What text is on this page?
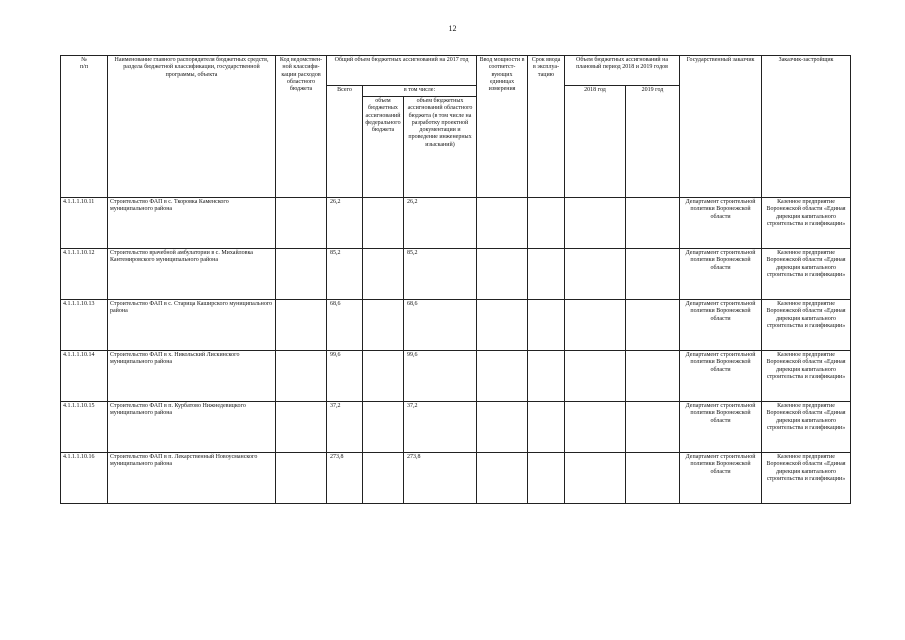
12
№
п/п	Наименование главного распорядителя бюджетных средств, раздела бюджетной классификации, государственной программы, объекта	Код ведомствен-ной классифи-кации расходов областного бюджета	Общий объем бюджетных ассигнований на 2017 год			Ввод мощности в соответст-вующих единицах измерения	Срок ввода в эксплуа-тацию	Объем бюджетных ассигнований на плановый период 2018 и 2019 годов		Государственный заказчик	Заказчик-застройщик
			Всего	в том числе:				2018 год	2019 год		
				объем бюджетных ассигнований федерального бюджета	объем бюджетных ассигнований областного бюджета (в том числе на разработку проектной документации и проведение инженерных изысканий)						
4.1.1.1.10.11	Строительство ФАП в с. Ткоровка Каменского муниципального района		26,2		26,2					Департамент строительной политики Воронежской области	Казенное предприятие Воронежской области «Единая дирекция капитального строительства и газификации»
4.1.1.1.10.12	Строительство врачебной амбулатории в с. Михайловка Кантемировского муниципального района		85,2		85,2					Департамент строительной политики Воронежской области	Казенное предприятие Воронежской области «Единая дирекция капитального строительства и газификации»
4.1.1.1.10.13	Строительство ФАП в с. Старица Каширского муниципального района		68,6		68,6					Департамент строительной политики Воронежской области	Казенное предприятие Воронежской области «Единая дирекция капитального строительства и газификации»
4.1.1.1.10.14	Строительство ФАП в х. Никольский Лискинского муниципального района		99,6		99,6					Департамент строительной политики Воронежской области	Казенное предприятие Воронежской области «Единая дирекция капитального строительства и газификации»
4.1.1.1.10.15	Строительство ФАП в п. Курбатово Нижнедевицкого муниципального района		37,2		37,2					Департамент строительной политики Воронежской области	Казенное предприятие Воронежской области «Единая дирекция капитального строительства и газификации»
4.1.1.1.10.16	Строительство ФАП в п. Лекарственный Новоусманского муниципального района		273,8		273,8					Департамент строительной политики Воронежской области	Казенное предприятие Воронежской области «Единая дирекция капитального строительства и газификации»
